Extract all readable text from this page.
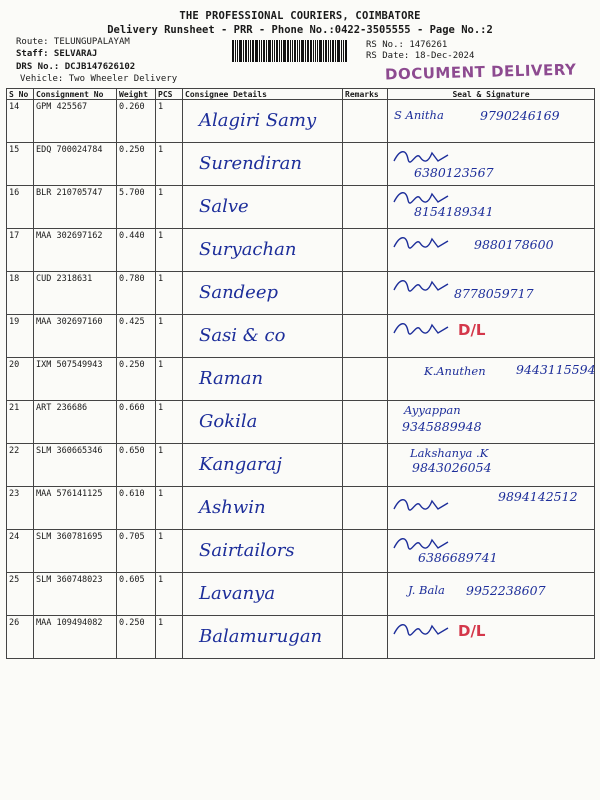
THE PROFESSIONAL COURIERS, COIMBATORE
Delivery Runsheet - PRR - Phone No.:0422-3505555 - Page No.:2
Route: TELUNGUPALAYAM
Staff: SELVARAJ
DRS No.: DCJB147626102
Vehicle: Two Wheeler Delivery
RS No.: 1476261
RS Date: 18-Dec-2024
DOCUMENT DELIVERY
S No	Consignment No	Weight	PCS	Consignee Details	Remarks	Seal & Signature
14	GPM 425567	0.260	1	Alagiri Samy		S Anitha 9790246169

15	EDQ 700024784	0.250	1	Surendiran		6380123567

16	BLR 210705747	5.700	1	Salve		8154189341

17	MAA 302697162	0.440	1	Suryachan		9880178600

18	CUD 2318631	0.780	1	Sandeep		8778059717

19	MAA 302697160	0.425	1	Sasi & co		D/L

20	IXM 507549943	0.250	1	Raman		K.Anuthen 9443115594

21	ART 236686	0.660	1	Gokila		Ayyappan
9345889948

22	SLM 360665346	0.650	1	Kangaraj		Lakshanya .K
9843026054

23	MAA 576141125	0.610	1	Ashwin		9894142512

24	SLM 360781695	0.705	1	Sairtailors		6386689741

25	SLM 360748023	0.605	1	Lavanya		J. Bala 9952238607

26	MAA 109494082	0.250	1	Balamurugan		D/L
